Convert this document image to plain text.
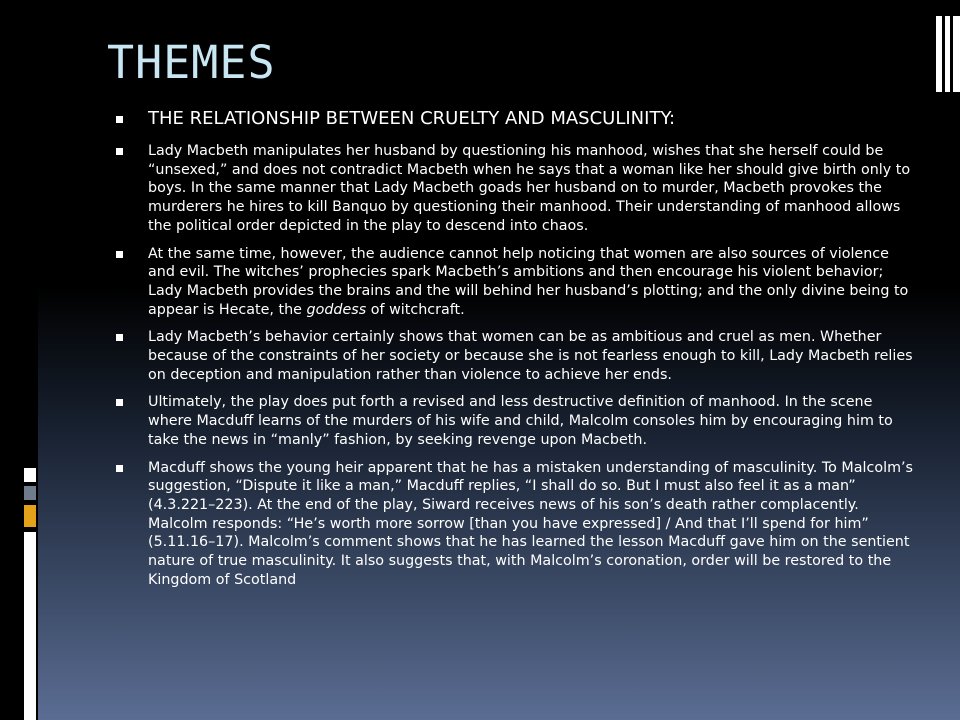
THEMES
THE RELATIONSHIP BETWEEN CRUELTY AND MASCULINITY:
Lady Macbeth manipulates her husband by questioning his manhood, wishes that she herself could be “unsexed,” and does not contradict Macbeth when he says that a woman like her should give birth only to boys. In the same manner that Lady Macbeth goads her husband on to murder, Macbeth provokes the murderers he hires to kill Banquo by questioning their manhood. Their understanding of manhood allows the political order depicted in the play to descend into chaos.
At the same time, however, the audience cannot help noticing that women are also sources of violence and evil. The witches’ prophecies spark Macbeth’s ambitions and then encourage his violent behavior; Lady Macbeth provides the brains and the will behind her husband’s plotting; and the only divine being to appear is Hecate, the goddess of witchcraft.
Lady Macbeth’s behavior certainly shows that women can be as ambitious and cruel as men. Whether because of the constraints of her society or because she is not fearless enough to kill, Lady Macbeth relies on deception and manipulation rather than violence to achieve her ends.
Ultimately, the play does put forth a revised and less destructive definition of manhood. In the scene where Macduff learns of the murders of his wife and child, Malcolm consoles him by encouraging him to take the news in “manly” fashion, by seeking revenge upon Macbeth.
Macduff shows the young heir apparent that he has a mistaken understanding of masculinity. To Malcolm’s suggestion, “Dispute it like a man,” Macduff replies, “I shall do so. But I must also feel it as a man” (4.3.221–223). At the end of the play, Siward receives news of his son’s death rather complacently. Malcolm responds: “He’s worth more sorrow [than you have expressed] / And that I’ll spend for him” (5.11.16–17). Malcolm’s comment shows that he has learned the lesson Macduff gave him on the sentient nature of true masculinity. It also suggests that, with Malcolm’s coronation, order will be restored to the Kingdom of Scotland
